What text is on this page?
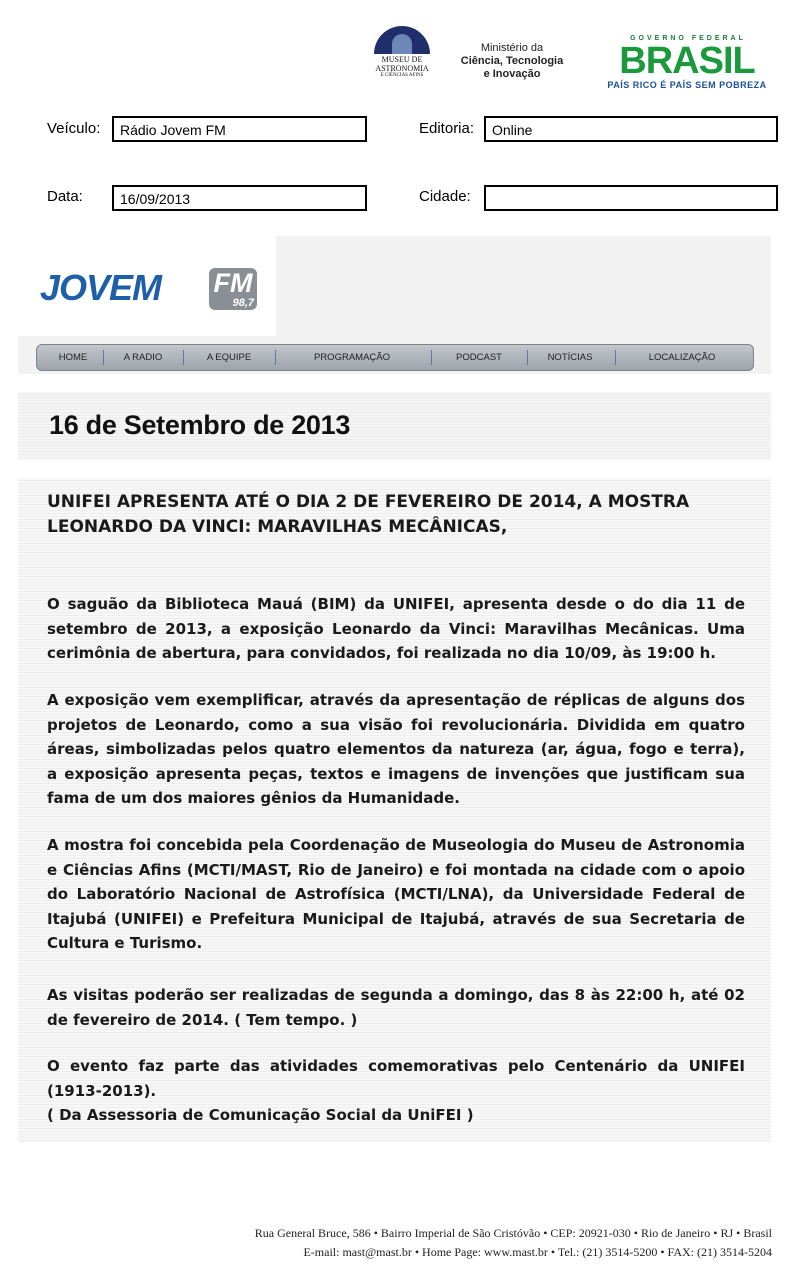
MUSEU DE
ASTRONOMIA
E CIÊNCIAS AFINS
Ministério da
Ciência, Tecnologia
e Inovação
GOVERNO FEDERAL
BRASIL
PAÍS RICO É PAÍS SEM POBREZA
Veículo:	Rádio Jovem FM	Editoria:	Online
Data:	16/09/2013	Cidade:
JOVEM FM
98,7
HOME	A RADIO	A EQUIPE	PROGRAMAÇÃO	PODCAST	NOTÍCIAS	LOCALIZAÇÃO
16 de Setembro de 2013
UNIFEI APRESENTA ATÉ O DIA 2 DE FEVEREIRO DE 2014, A MOSTRA
LEONARDO DA VINCI: MARAVILHAS MECÂNICAS,
O saguão da Biblioteca Mauá (BIM) da UNIFEI, apresenta desde o do dia 11 de setembro de 2013, a exposição Leonardo da Vinci: Maravilhas Mecânicas. Uma cerimônia de abertura, para convidados, foi realizada no dia 10/09, às 19:00 h.
A exposição vem exemplificar, através da apresentação de réplicas de alguns dos projetos de Leonardo, como a sua visão foi revolucionária. Dividida em quatro áreas, simbolizadas pelos quatro elementos da natureza (ar, água, fogo e terra), a exposição apresenta peças, textos e imagens de invenções que justificam sua fama de um dos maiores gênios da Humanidade.
A mostra foi concebida pela Coordenação de Museologia do Museu de Astronomia e Ciências Afins (MCTI/MAST, Rio de Janeiro) e foi montada na cidade com o apoio do Laboratório Nacional de Astrofísica (MCTI/LNA), da Universidade Federal de Itajubá (UNIFEI) e Prefeitura Municipal de Itajubá, através de sua Secretaria de Cultura e Turismo.
As visitas poderão ser realizadas de segunda a domingo, das 8 às 22:00 h, até 02 de fevereiro de 2014. ( Tem tempo. )
O evento faz parte das atividades comemorativas pelo Centenário da UNIFEI (1913-2013).
( Da Assessoria de Comunicação Social da UniFEI )
Rua General Bruce, 586 • Bairro Imperial de São Cristóvão • CEP: 20921-030 • Rio de Janeiro • RJ • Brasil
E-mail: mast@mast.br • Home Page: www.mast.br • Tel.: (21) 3514-5200 • FAX: (21) 3514-5204
